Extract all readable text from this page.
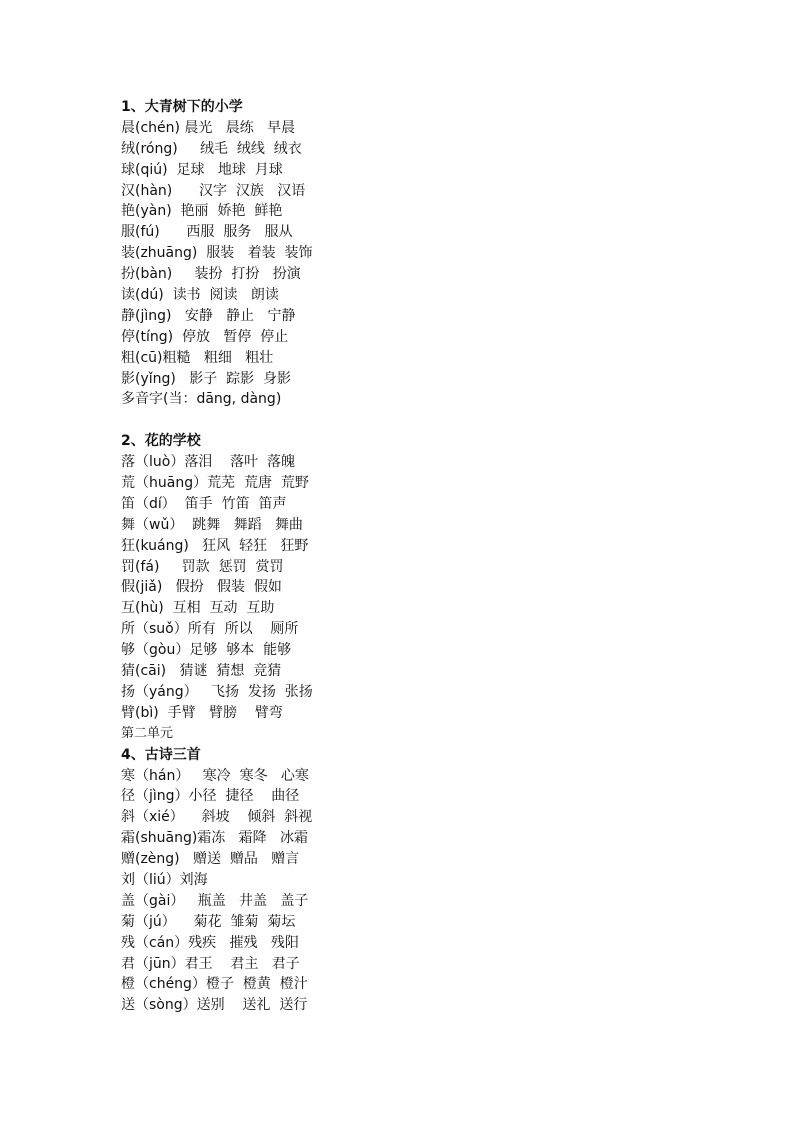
1、大青树下的小学
晨(chén) 晨光   晨练   早晨
绒(róng)     绒毛  绒线  绒衣
球(qiú)  足球   地球  月球
汉(hàn)      汉字  汉族   汉语
艳(yàn)  艳丽  娇艳  鲜艳
服(fú)      西服  服务   服从
装(zhuāng)  服装   着装  装饰
扮(bàn)     装扮  打扮   扮演
读(dú)  读书  阅读   朗读
静(jìng)   安静   静止   宁静
停(tíng)  停放   暂停  停止
粗(cū)粗糙   粗细   粗壮
影(yǐng)   影子  踪影  身影
多音字(当：dāng, dàng)
2、花的学校
落（luò）落泪    落叶  落魄
荒（huāng）荒芜  荒唐  荒野
笛（dí）  笛手  竹笛  笛声
舞（wǔ）  跳舞   舞蹈   舞曲
狂(kuáng)   狂风  轻狂   狂野
罚(fá)     罚款  惩罚  赏罚
假(jiǎ)   假扮   假装  假如
互(hù)  互相  互动  互助
所（suǒ）所有  所以    厕所
够（gòu）足够  够本  能够
猜(cāi)   猜谜  猜想  竞猜
扬（yáng）   飞扬  发扬  张扬
臂(bì)  手臂   臂膀    臂弯
第二单元
4、古诗三首
寒（hán）   寒冷  寒冬   心寒
径（jìng）小径  捷径    曲径
斜（xié）    斜坡    倾斜  斜视
霜(shuāng)霜冻   霜降   冰霜
赠(zèng)   赠送  赠品   赠言
刘（liú）刘海
盖（gài）   瓶盖   井盖   盖子
菊（jú）    菊花  雏菊  菊坛
残（cán）残疾   摧残   残阳
君（jūn）君王    君主   君子
橙（chéng）橙子  橙黄  橙汁
送（sòng）送别    送礼  送行
